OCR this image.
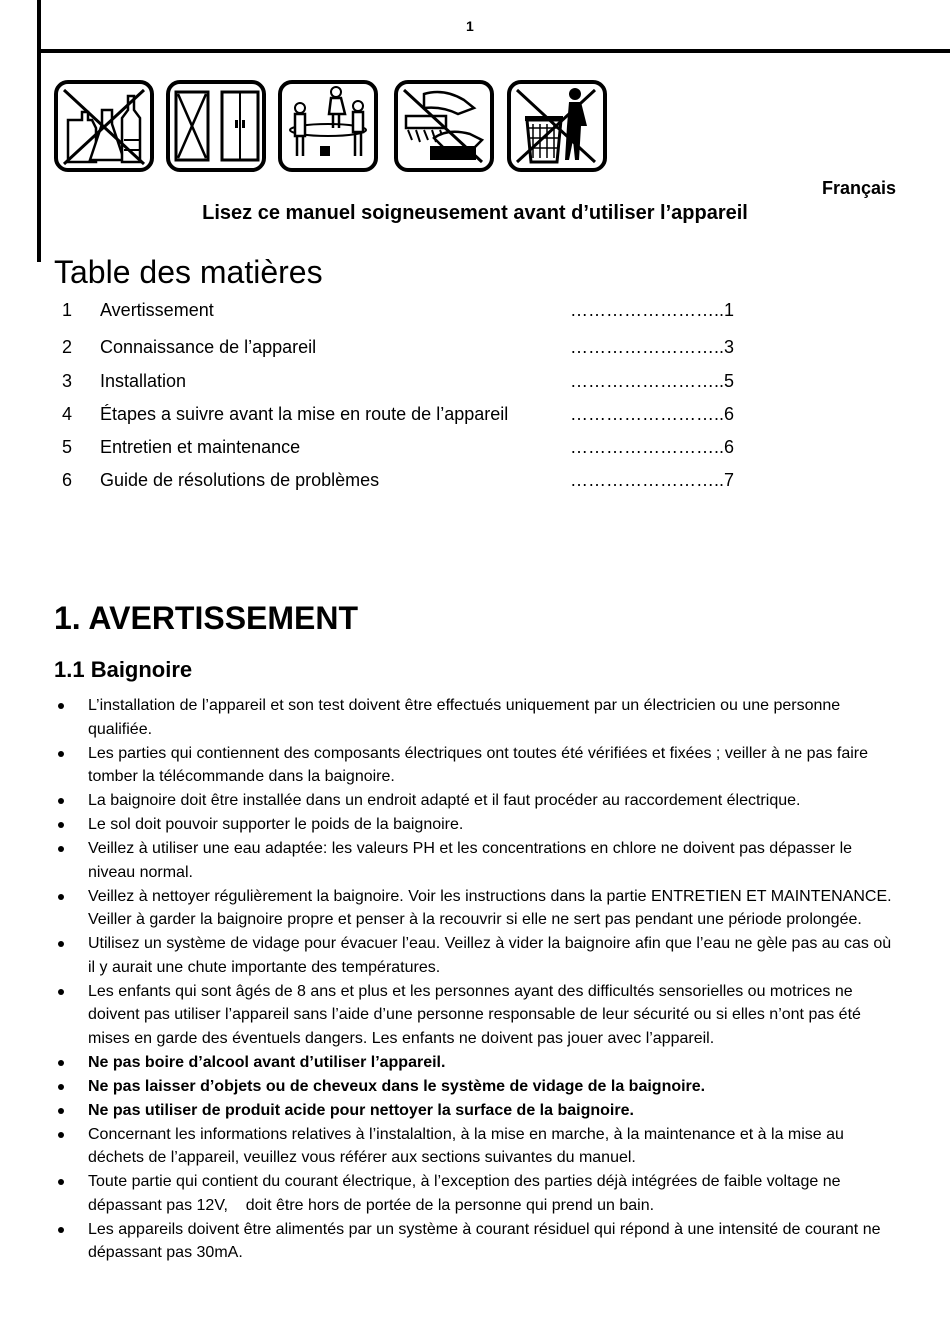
1
Français
Lisez ce manuel soigneusement avant d’utiliser l’appareil
Table des matières
1 Avertissement	……………………..1
2 Connaissance de l’appareil	……………………..3
3 Installation	……………………..5
4 Étapes a suivre avant la mise en route de l’appareil	……………………..6
5 Entretien et maintenance	……………………..6
6 Guide de résolutions de problèmes	……………………..7
1. AVERTISSEMENT
1.1 Baignoire
L’installation de l’appareil et son test doivent être effectués uniquement par un électricien ou une personne qualifiée.
Les parties qui contiennent des composants électriques ont toutes été vérifiées et fixées ; veiller à ne pas faire tomber la télécommande dans la baignoire.
La baignoire doit être installée dans un endroit adapté et il faut procéder au raccordement électrique.
Le sol doit pouvoir supporter le poids de la baignoire.
Veillez à utiliser une eau adaptée: les valeurs PH et les concentrations en chlore ne doivent pas dépasser le niveau normal.
Veillez à nettoyer régulièrement la baignoire. Voir les instructions dans la partie ENTRETIEN ET MAINTENANCE. Veiller à garder la baignoire propre et penser à la recouvrir si elle ne sert pas pendant une période prolongée.
Utilisez un système de vidage pour évacuer l’eau. Veillez à vider la baignoire afin que l’eau ne gèle pas au cas où il y aurait une chute importante des températures.
Les enfants qui sont âgés de 8 ans et plus et les personnes ayant des difficultés sensorielles ou motrices ne doivent pas utiliser l’appareil sans l’aide d’une personne responsable de leur sécurité ou si elles n’ont pas été mises en garde des éventuels dangers. Les enfants ne doivent pas jouer avec l’appareil.
Ne pas boire d’alcool avant d’utiliser l’appareil.
Ne pas laisser d’objets ou de cheveux dans le système de vidage de la baignoire.
Ne pas utiliser de produit acide pour nettoyer la surface de la baignoire.
Concernant les informations relatives à l’instalaltion, à la mise en marche, à la maintenance et à la mise au déchets de l’appareil, veuillez vous référer aux sections suivantes du manuel.
Toute partie qui contient du courant électrique, à l’exception des parties déjà intégrées de faible voltage ne dépassant pas 12V,    doit être hors de portée de la personne qui prend un bain.
Les appareils doivent être alimentés par un système à courant résiduel qui répond à une intensité de courant ne dépassant pas 30mA.
